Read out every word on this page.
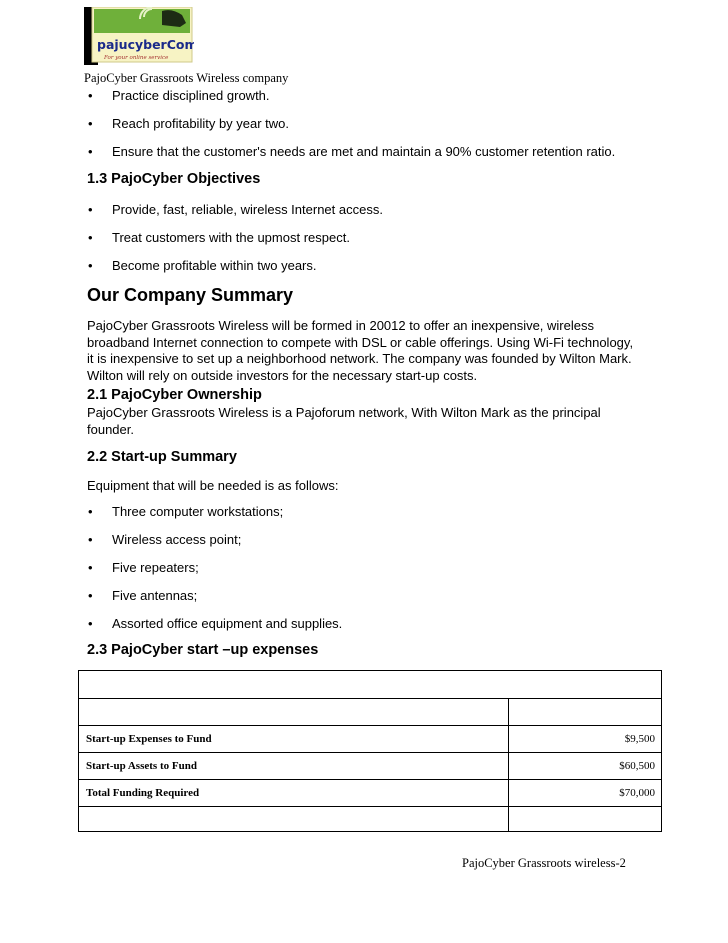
pajucyberCom
For your online service
PajoCyber Grassroots Wireless company
• Practice disciplined growth.
• Reach profitability by year two.
• Ensure that the customer's needs are met and maintain a 90% customer retention ratio.
1.3 PajoCyber Objectives
• Provide, fast, reliable, wireless Internet access.
• Treat customers with the upmost respect.
• Become profitable within two years.
Our Company Summary
PajoCyber Grassroots Wireless will be formed in 20012 to offer an inexpensive, wireless
broadband Internet connection to compete with DSL or cable offerings. Using Wi-Fi technology,
it is inexpensive to set up a neighborhood network. The company was founded by Wilton Mark.
Wilton will rely on outside investors for the necessary start-up costs.
2.1 PajoCyber Ownership
PajoCyber Grassroots Wireless is a Pajoforum network, With Wilton Mark as the principal
founder.
2.2 Start-up Summary
Equipment that will be needed is as follows:
• Three computer workstations;
• Wireless access point;
• Five repeaters;
• Five antennas;
• Assorted office equipment and supplies.
2.3 PajoCyber start –up expenses
Start-up Expenses to Fund	$9,500
Start-up Assets to Fund	$60,500
Total Funding Required	$70,000
PajoCyber Grassroots wireless-2
